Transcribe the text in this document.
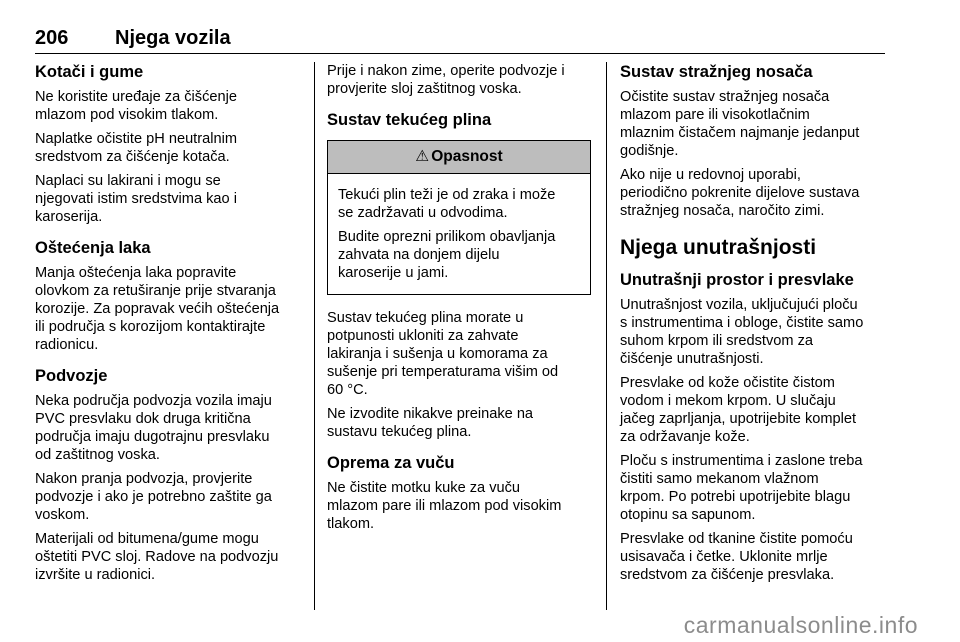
206 Njega vozila
Kotači i gume

Ne koristite uređaje za čišćenje
mlazom pod visokim tlakom.

Naplatke očistite pH neutralnim
sredstvom za čišćenje kotača.

Naplaci su lakirani i mogu se
njegovati istim sredstvima kao i
karoserija.

Oštećenja laka

Manja oštećenja laka popravite
olovkom za retuširanje prije stvaranja
korozije. Za popravak većih oštećenja
ili područja s korozijom kontaktirajte
radionicu.

Podvozje

Neka područja podvozja vozila imaju
PVC presvlaku dok druga kritična
područja imaju dugotrajnu presvlaku
od zaštitnog voska.

Nakon pranja podvozja, provjerite
podvozje i ako je potrebno zaštite ga
voskom.

Materijali od bitumena/gume mogu
oštetiti PVC sloj. Radove na podvozju
izvršite u radionici.

Prije i nakon zime, operite podvozje i
provjerite sloj zaštitnog voska.

Sustav tekućeg plina
⚠ Opasnost

Tekući plin teži je od zraka i može
se zadržavati u odvodima.

Budite oprezni prilikom obavljanja
zahvata na donjem dijelu
karoserije u jami.

Sustav tekućeg plina morate u
potpunosti ukloniti za zahvate
lakiranja i sušenja u komorama za
sušenje pri temperaturama višim od
60 °C.

Ne izvodite nikakve preinake na
sustavu tekućeg plina.

Oprema za vuču

Ne čistite motku kuke za vuču
mlazom pare ili mlazom pod visokim
tlakom.

Sustav stražnjeg nosača

Očistite sustav stražnjeg nosača
mlazom pare ili visokotlačnim
mlaznim čistačem najmanje jedanput
godišnje.

Ako nije u redovnoj uporabi,
periodično pokrenite dijelove sustava
stražnjeg nosača, naročito zimi.

Njega unutrašnjosti
Unutrašnji prostor i presvlake

Unutrašnjost vozila, uključujući ploču
s instrumentima i obloge, čistite samo
suhom krpom ili sredstvom za
čišćenje unutrašnjosti.

Presvlake od kože očistite čistom
vodom i mekom krpom. U slučaju
jačeg zaprljanja, upotrijebite komplet
za održavanje kože.

Ploču s instrumentima i zaslone treba
čistiti samo mekanom vlažnom
krpom. Po potrebi upotrijebite blagu
otopinu sa sapunom.

Presvlake od tkanine čistite pomoću
usisavača i četke. Uklonite mrlje
sredstvom za čišćenje presvlaka.

carmanualsonline.info
